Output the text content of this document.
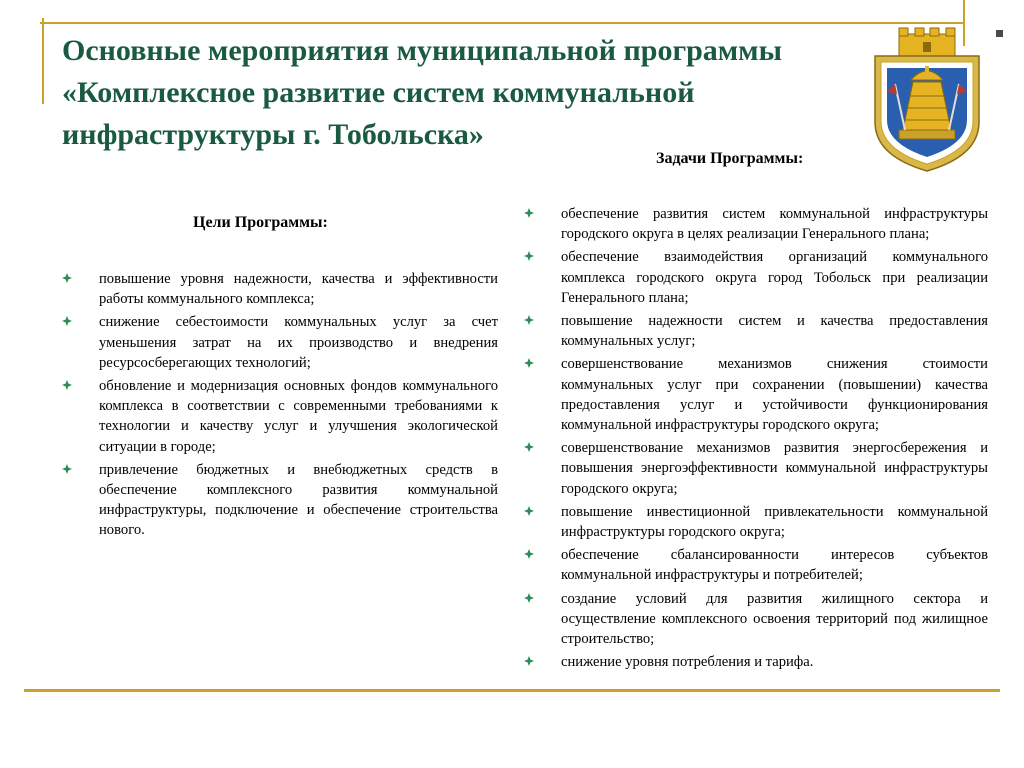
Основные мероприятия муниципальной программы
«Комплексное развитие систем коммунальной
инфраструктуры г. Тобольска»
Цели Программы:
повышение уровня надежности, качества и эффективности работы коммунального комплекса;
снижение себестоимости коммунальных услуг за счет уменьшения затрат на их производство и внедрения ресурсосберегающих технологий;
обновление и модернизация основных фондов коммунального комплекса в соответствии с современными требованиями к технологии и качеству услуг и улучшения экологической ситуации в городе;
привлечение бюджетных и внебюджетных средств в обеспечение комплексного развития коммунальной инфраструктуры, подключение и обеспечение строительства нового.
Задачи Программы:
обеспечение развития систем коммунальной инфраструктуры городского округа в целях реализации Генерального плана;
обеспечение взаимодействия организаций коммунального комплекса городского округа город Тобольск при реализации Генерального плана;
повышение надежности систем и качества предоставления коммунальных услуг;
совершенствование механизмов снижения стоимости коммунальных услуг при сохранении (повышении) качества предоставления услуг и устойчивости функционирования коммунальной инфраструктуры городского округа;
совершенствование механизмов развития энергосбережения и повышения энергоэффективности коммунальной инфраструктуры городского округа;
повышение инвестиционной привлекательности коммунальной инфраструктуры городского округа;
обеспечение сбалансированности интересов субъектов коммунальной инфраструктуры и потребителей;
создание условий для развития жилищного сектора и осуществление комплексного освоения территорий под жилищное строительство;
снижение уровня потребления и тарифа.
